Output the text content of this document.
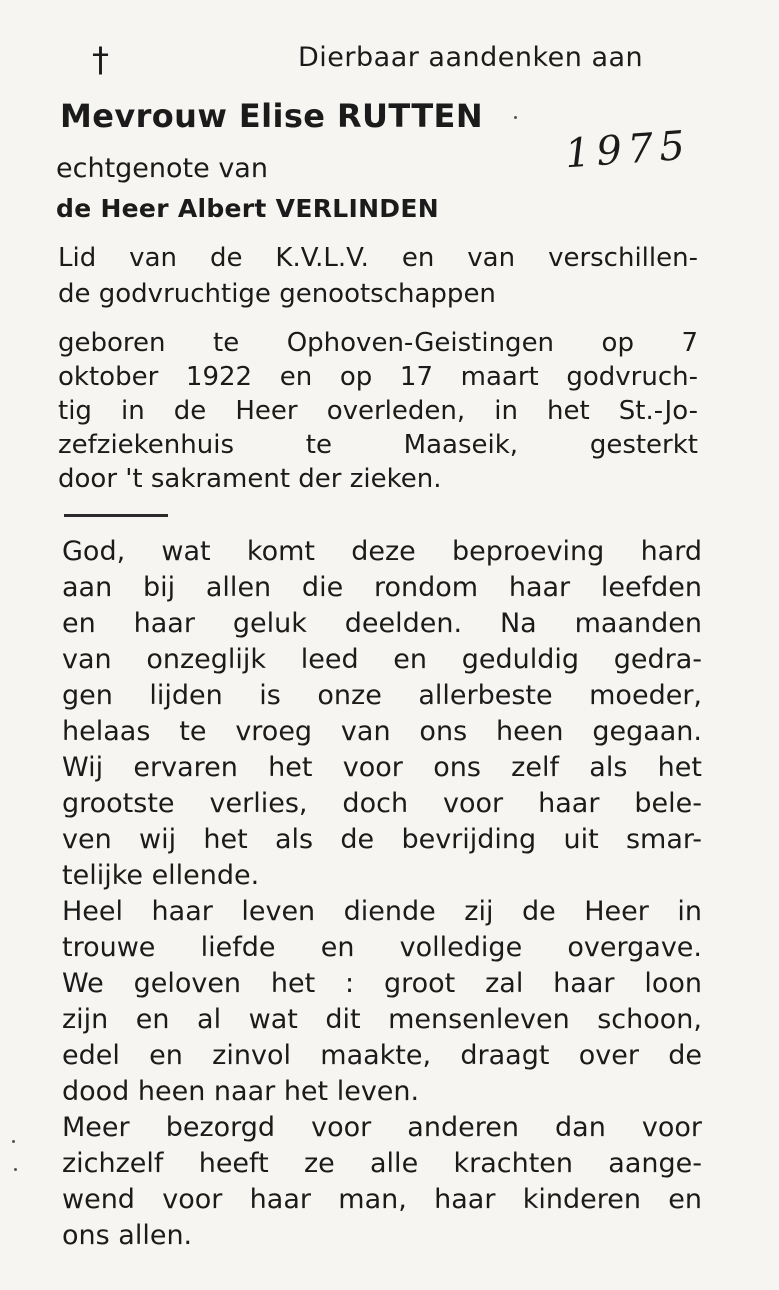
†	Dierbaar aandenken aan
Mevrouw Elise RUTTEN
1975
echtgenote van
de Heer Albert VERLINDEN
Lid van de K.V.L.V. en van verschillen-
de godvruchtige genootschappen
geboren te Ophoven-Geistingen op 7
oktober 1922 en op 17 maart godvruch-
tig in de Heer overleden, in het St.-Jo-
zefziekenhuis te Maaseik, gesterkt
door 't sakrament der zieken.
God, wat komt deze beproeving hard
aan bij allen die rondom haar leefden
en haar geluk deelden. Na maanden
van onzeglijk leed en geduldig gedra-
gen lijden is onze allerbeste moeder,
helaas te vroeg van ons heen gegaan.
Wij ervaren het voor ons zelf als het
grootste verlies, doch voor haar bele-
ven wij het als de bevrijding uit smar-
telijke ellende.
Heel haar leven diende zij de Heer in
trouwe liefde en volledige overgave.
We geloven het : groot zal haar loon
zijn en al wat dit mensenleven schoon,
edel en zinvol maakte, draagt over de
dood heen naar het leven.
Meer bezorgd voor anderen dan voor
zichzelf heeft ze alle krachten aange-
wend voor haar man, haar kinderen en
ons allen.
